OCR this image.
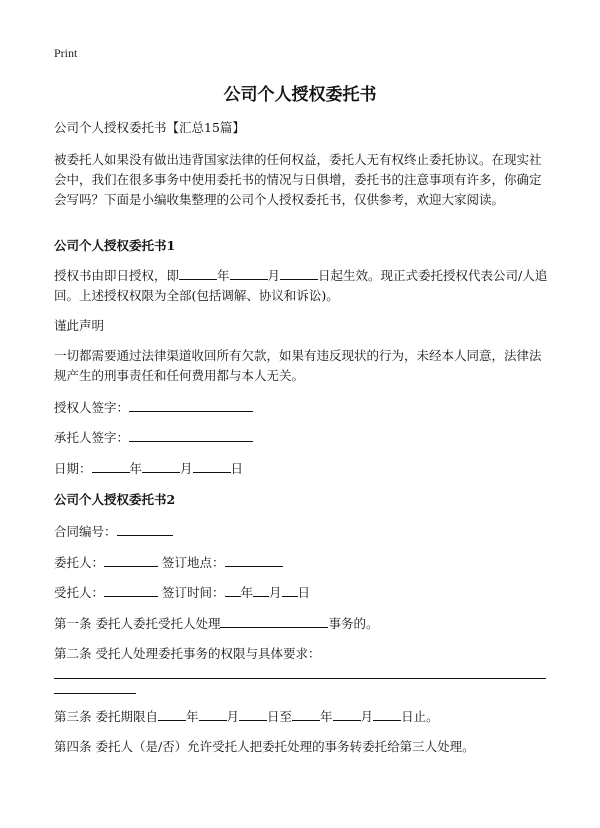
Print
公司个人授权委托书
公司个人授权委托书【汇总15篇】
被委托人如果没有做出违背国家法律的任何权益，委托人无有权终止委托协议。在现实社会中，我们在很多事务中使用委托书的情况与日俱增，委托书的注意事项有许多，你确定会写吗？下面是小编收集整理的公司个人授权委托书，仅供参考，欢迎大家阅读。
公司个人授权委托书1
授权书由即日授权，即	年	月	日起生效。现正式委托授权代表公司/人追回。上述授权权限为全部(包括调解、协议和诉讼)。
谨此声明
一切都需要通过法律渠道收回所有欠款，如果有违反现状的行为，未经本人同意，法律法规产生的刑事责任和任何费用都与本人无关。
授权人签字：
承托人签字：
日期：	年	月	日
公司个人授权委托书2
合同编号：
委托人：	签订地点：
受托人：	签订时间： 年 月 日
第一条 委托人委托受托人处理	事务的。
第二条 受托人处理委托事务的权限与具体要求：
第三条 委托期限自 年 月 日至 年 月 日止。
第四条 委托人（是/否）允许受托人把委托处理的事务转委托给第三人处理。
